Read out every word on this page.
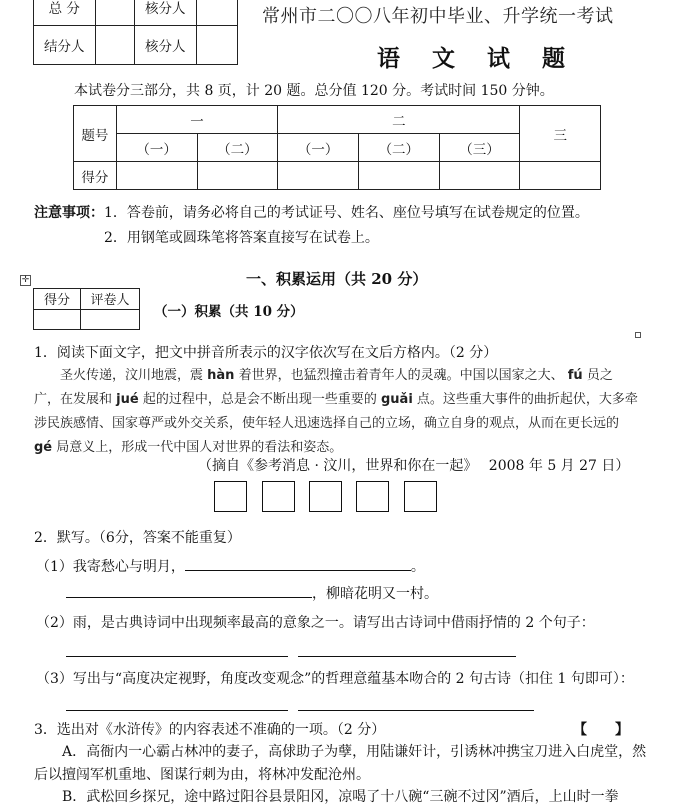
总 分		核分人	
结分人		核分人	
常州市二〇〇八年初中毕业、升学统一考试
语 文 试 题
本试卷分三部分，共 8 页，计 20 题。总分值 120 分。考试时间 150 分钟。
题号	一		二			三
	（一）	（二）	（一）	（二）	（三）	
得分						
注意事项：1．答卷前，请务必将自己的考试证号、姓名、座位号填写在试卷规定的位置。
2．用钢笔或圆珠笔将答案直接写在试卷上。
✛	一、积累运用（共 20 分）
得分	评卷人

（一）积累（共 10 分）
1．阅读下面文字，把文中拼音所表示的汉字依次写在文后方格内。（2 分）
圣火传递，汶川地震，震 hàn 着世界，也猛烈撞击着青年人的灵魂。中国以国家之大、 fú 员之广，在发展和 jué 起的过程中，总是会不断出现一些重要的 guǎi 点。这些重大事件的曲折起伏，大多牵涉民族感情、国家尊严或外交关系，使年轻人迅速选择自己的立场，确立自身的观点，从而在更长远的 gé 局意义上，形成一代中国人对世界的看法和姿态。
（摘自《参考消息 · 汶川，世界和你在一起》　 2008 年 5 月 27 日）
2．默写。（6分，答案不能重复）
（1）我寄愁心与明月，	。
，柳暗花明又一村。
（2）雨，是古典诗词中出现频率最高的意象之一。请写出古诗词中借雨抒情的 2 个句子：
（3）写出与“高度决定视野，角度改变观念”的哲理意蕴基本吻合的 2 句古诗（扣住 1 句即可）：
3．选出对《水浒传》的内容表述不准确的一项。（2 分）	【　　】
A．高衙内一心霸占林冲的妻子，高俅助子为孽，用陆谦奸计，引诱林冲携宝刀进入白虎堂，然
后以擅闯军机重地、图谋行刺为由，将林冲发配沧州。
B．武松回乡探兄，途中路过阳谷县景阳冈，凉喝了十八碗“三碗不过冈”酒后，上山时一拳
